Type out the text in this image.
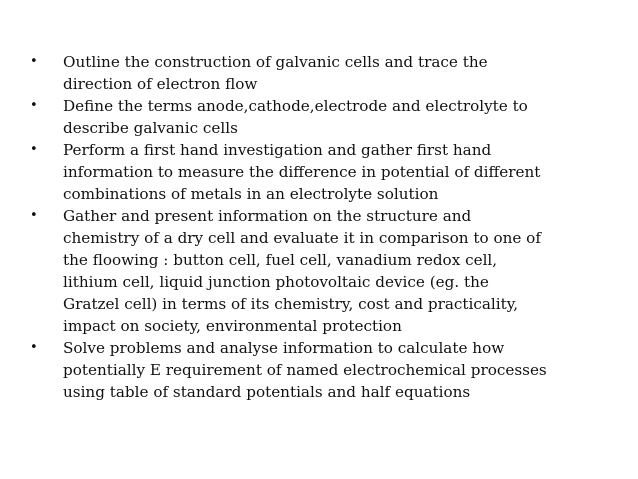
• Outline the construction of galvanic cells and trace the
direction of electron flow
• Define the terms anode,cathode,electrode and electrolyte to
describe galvanic cells
• Perform a first hand investigation and gather first hand
information to measure the difference in potential of different
combinations of metals in an electrolyte solution
• Gather and present information on the structure and
chemistry of a dry cell and evaluate it in comparison to one of
the floowing : button cell, fuel cell, vanadium redox cell,
lithium cell, liquid junction photovoltaic device (eg. the
Gratzel cell) in terms of its chemistry, cost and practicality,
impact on society, environmental protection
• Solve problems and analyse information to calculate how
potentially E requirement of named electrochemical processes
using table of standard potentials and half equations
